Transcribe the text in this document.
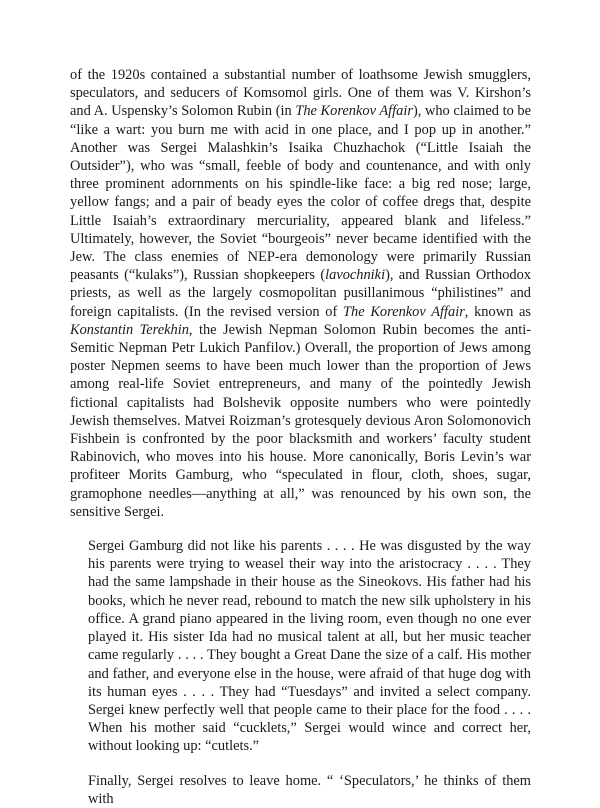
of the 1920s contained a substantial number of loathsome Jewish smugglers, speculators, and seducers of Komsomol girls. One of them was V. Kirshon’s and A. Uspensky’s Solomon Rubin (in The Korenkov Affair), who claimed to be “like a wart: you burn me with acid in one place, and I pop up in another.” Another was Sergei Malashkin’s Isaika Chuzhachok (“Little Isaiah the Outsider”), who was “small, feeble of body and countenance, and with only three prominent adornments on his spindle-like face: a big red nose; large, yellow fangs; and a pair of beady eyes the color of coffee dregs that, despite Little Isaiah’s extraordinary mercuriality, appeared blank and lifeless.” Ultimately, however, the Soviet “bourgeois” never became identified with the Jew. The class enemies of NEP-era demonology were primarily Russian peasants (“kulaks”), Russian shopkeepers (lavochniki), and Russian Orthodox priests, as well as the largely cosmopolitan pusillanimous “philistines” and foreign capitalists. (In the revised version of The Korenkov Affair, known as Konstantin Terekhin, the Jewish Nepman Solomon Rubin becomes the anti-Semitic Nepman Petr Lukich Panfilov.) Overall, the proportion of Jews among poster Nepmen seems to have been much lower than the proportion of Jews among real-life Soviet entrepreneurs, and many of the pointedly Jewish fictional capitalists had Bolshevik opposite numbers who were pointedly Jewish themselves. Matvei Roizman’s grotesquely devious Aron Solomonovich Fishbein is confronted by the poor blacksmith and workers’ faculty student Rabinovich, who moves into his house. More canonically, Boris Levin’s war profiteer Morits Gamburg, who “speculated in flour, cloth, shoes, sugar, gramophone needles—anything at all,” was renounced by his own son, the sensitive Sergei.

Sergei Gamburg did not like his parents . . . . He was disgusted by the way his parents were trying to weasel their way into the aristocracy . . . . They had the same lampshade in their house as the Sineokovs. His father had his books, which he never read, rebound to match the new silk upholstery in his office. A grand piano appeared in the living room, even though no one ever played it. His sister Ida had no musical talent at all, but her music teacher came regularly . . . . They bought a Great Dane the size of a calf. His mother and father, and everyone else in the house, were afraid of that huge dog with its human eyes . . . . They had “Tuesdays” and invited a select company. Sergei knew perfectly well that people came to their place for the food . . . . When his mother said “cucklets,” Sergei would wince and correct her, without looking up: “cutlets.”

Finally, Sergei resolves to leave home. “ ‘Speculators,’ he thinks of them with
